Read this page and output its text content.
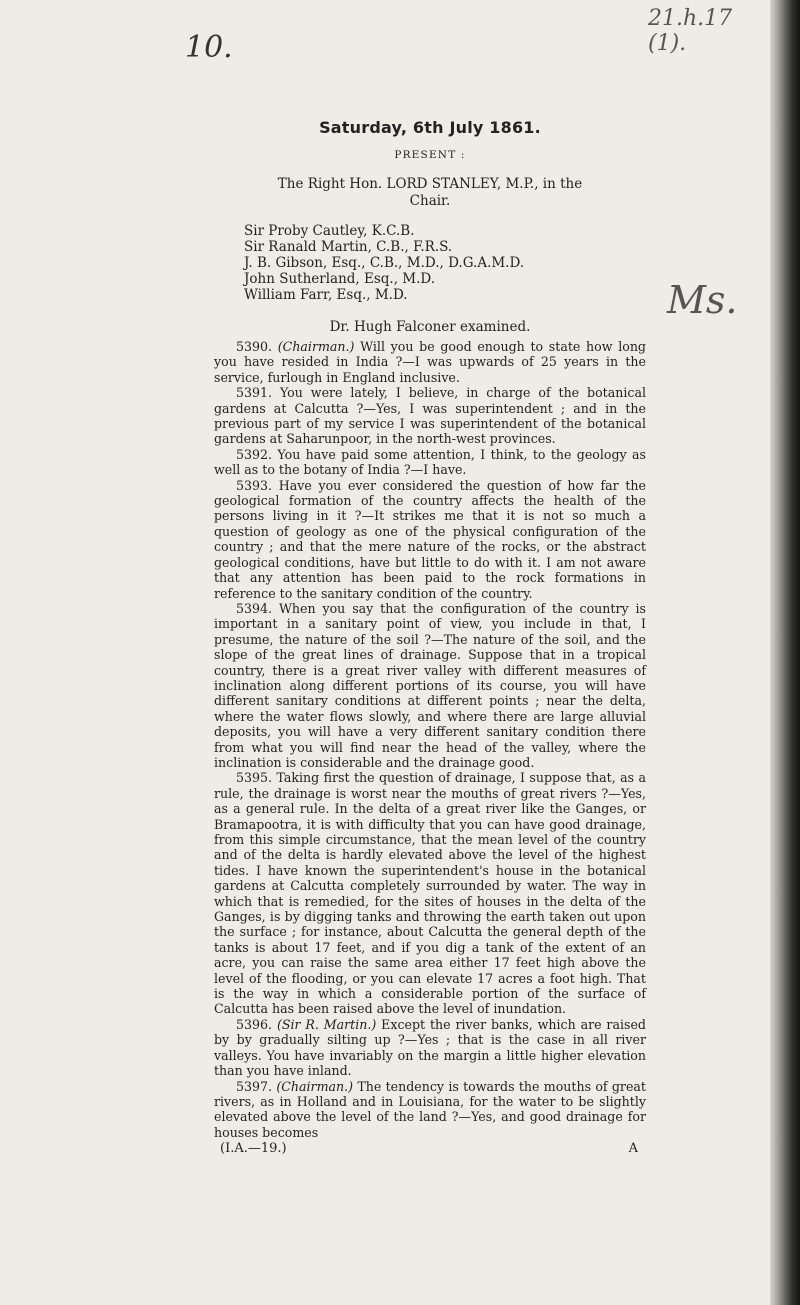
10.
21.h.17 (1).
Ms.
Saturday, 6th July 1861.
PRESENT :
The Right Hon. LORD STANLEY, M.P., in the
Chair.
Sir Proby Cautley, K.C.B.
Sir Ranald Martin, C.B., F.R.S.
J. B. Gibson, Esq., C.B., M.D., D.G.A.M.D.
John Sutherland, Esq., M.D.
William Farr, Esq., M.D.
Dr. Hugh Falconer examined.

5390. (Chairman.) Will you be good enough to state how long you have resided in India ?—I was upwards of 25 years in the service, furlough in England inclusive.

5391. You were lately, I believe, in charge of the botanical gardens at Calcutta ?—Yes, I was superintendent ; and in the previous part of my service I was superintendent of the botanical gardens at Saharunpoor, in the north-west provinces.

5392. You have paid some attention, I think, to the geology as well as to the botany of India ?—I have.

5393. Have you ever considered the question of how far the geological formation of the country affects the health of the persons living in it ?—It strikes me that it is not so much a question of geology as one of the physical configuration of the country ; and that the mere nature of the rocks, or the abstract geological conditions, have but little to do with it. I am not aware that any attention has been paid to the rock formations in reference to the sanitary condition of the country.

5394. When you say that the configuration of the country is important in a sanitary point of view, you include in that, I presume, the nature of the soil ?—The nature of the soil, and the slope of the great lines of drainage. Suppose that in a tropical country, there is a great river valley with different measures of inclination along different portions of its course, you will have different sanitary conditions at different points ; near the delta, where the water flows slowly, and where there are large alluvial deposits, you will have a very different sanitary condition there from what you will find near the head of the valley, where the inclination is considerable and the drainage good.

5395. Taking first the question of drainage, I suppose that, as a rule, the drainage is worst near the mouths of great rivers ?—Yes, as a general rule. In the delta of a great river like the Ganges, or Bramapootra, it is with difficulty that you can have good drainage, from this simple circumstance, that the mean level of the country and of the delta is hardly elevated above the level of the highest tides. I have known the superintendent's house in the botanical gardens at Calcutta completely surrounded by water. The way in which that is remedied, for the sites of houses in the delta of the Ganges, is by digging tanks and throwing the earth taken out upon the surface ; for instance, about Calcutta the general depth of the tanks is about 17 feet, and if you dig a tank of the extent of an acre, you can raise the same area either 17 feet high above the level of the flooding, or you can elevate 17 acres a foot high. That is the way in which a considerable portion of the surface of Calcutta has been raised above the level of inundation.

5396. (Sir R. Martin.) Except the river banks, which are raised by by gradually silting up ?—Yes ; that is the case in all river valleys. You have invariably on the margin a little higher elevation than you have inland.

5397. (Chairman.) The tendency is towards the mouths of great rivers, as in Holland and in Louisiana, for the water to be slightly elevated above the level of the land ?—Yes, and good drainage for houses becomes

(I.A.—19.)	A
